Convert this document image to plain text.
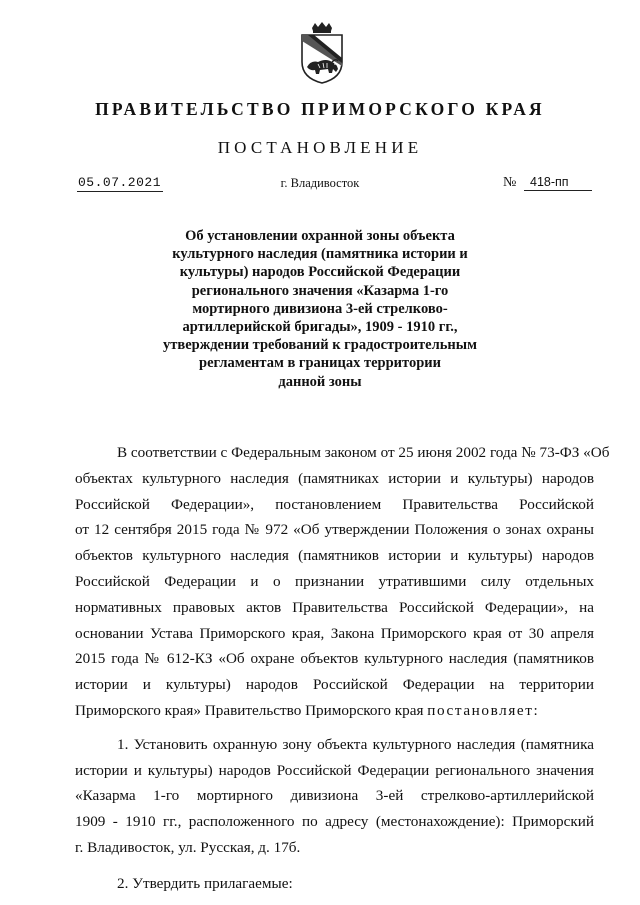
ПРАВИТЕЛЬСТВО ПРИМОРСКОГО КРАЯ
ПОСТАНОВЛЕНИЕ
05.07.2021	г. Владивосток	№	418-пп
Об установлении охранной зоны объекта
культурного наследия (памятника истории и
культуры) народов Российской Федерации
регионального значения «Казарма 1-го
мортирного дивизиона 3-ей стрелково-
артиллерийской бригады», 1909 - 1910 гг.,
утверждении требований к градостроительным
регламентам в границах территории
данной зоны
В соответствии с Федеральным законом от 25 июня 2002 года № 73-ФЗ «Об
объектах культурного наследия (памятниках истории и культуры) народов
Российской Федерации», постановлением Правительства Российской
от 12 сентября 2015 года № 972 «Об утверждении Положения о зонах охраны
объектов культурного наследия (памятников истории и культуры) народов
Российской Федерации и о признании утратившими силу отдельных
нормативных правовых актов Правительства Российской Федерации», на
основании Устава Приморского края, Закона Приморского края от 30 апреля
2015 года № 612-КЗ «Об охране объектов культурного наследия (памятников
истории и культуры) народов Российской Федерации на территории
Приморского края» Правительство Приморского края постановляет:
1. Установить охранную зону объекта культурного наследия (памятника
истории и культуры) народов Российской Федерации регионального значения
«Казарма 1-го мортирного дивизиона 3-ей стрелково-артиллерийской
1909 - 1910 гг., расположенного по адресу (местонахождение): Приморский
г. Владивосток, ул. Русская, д. 17б.
2. Утвердить прилагаемые:
